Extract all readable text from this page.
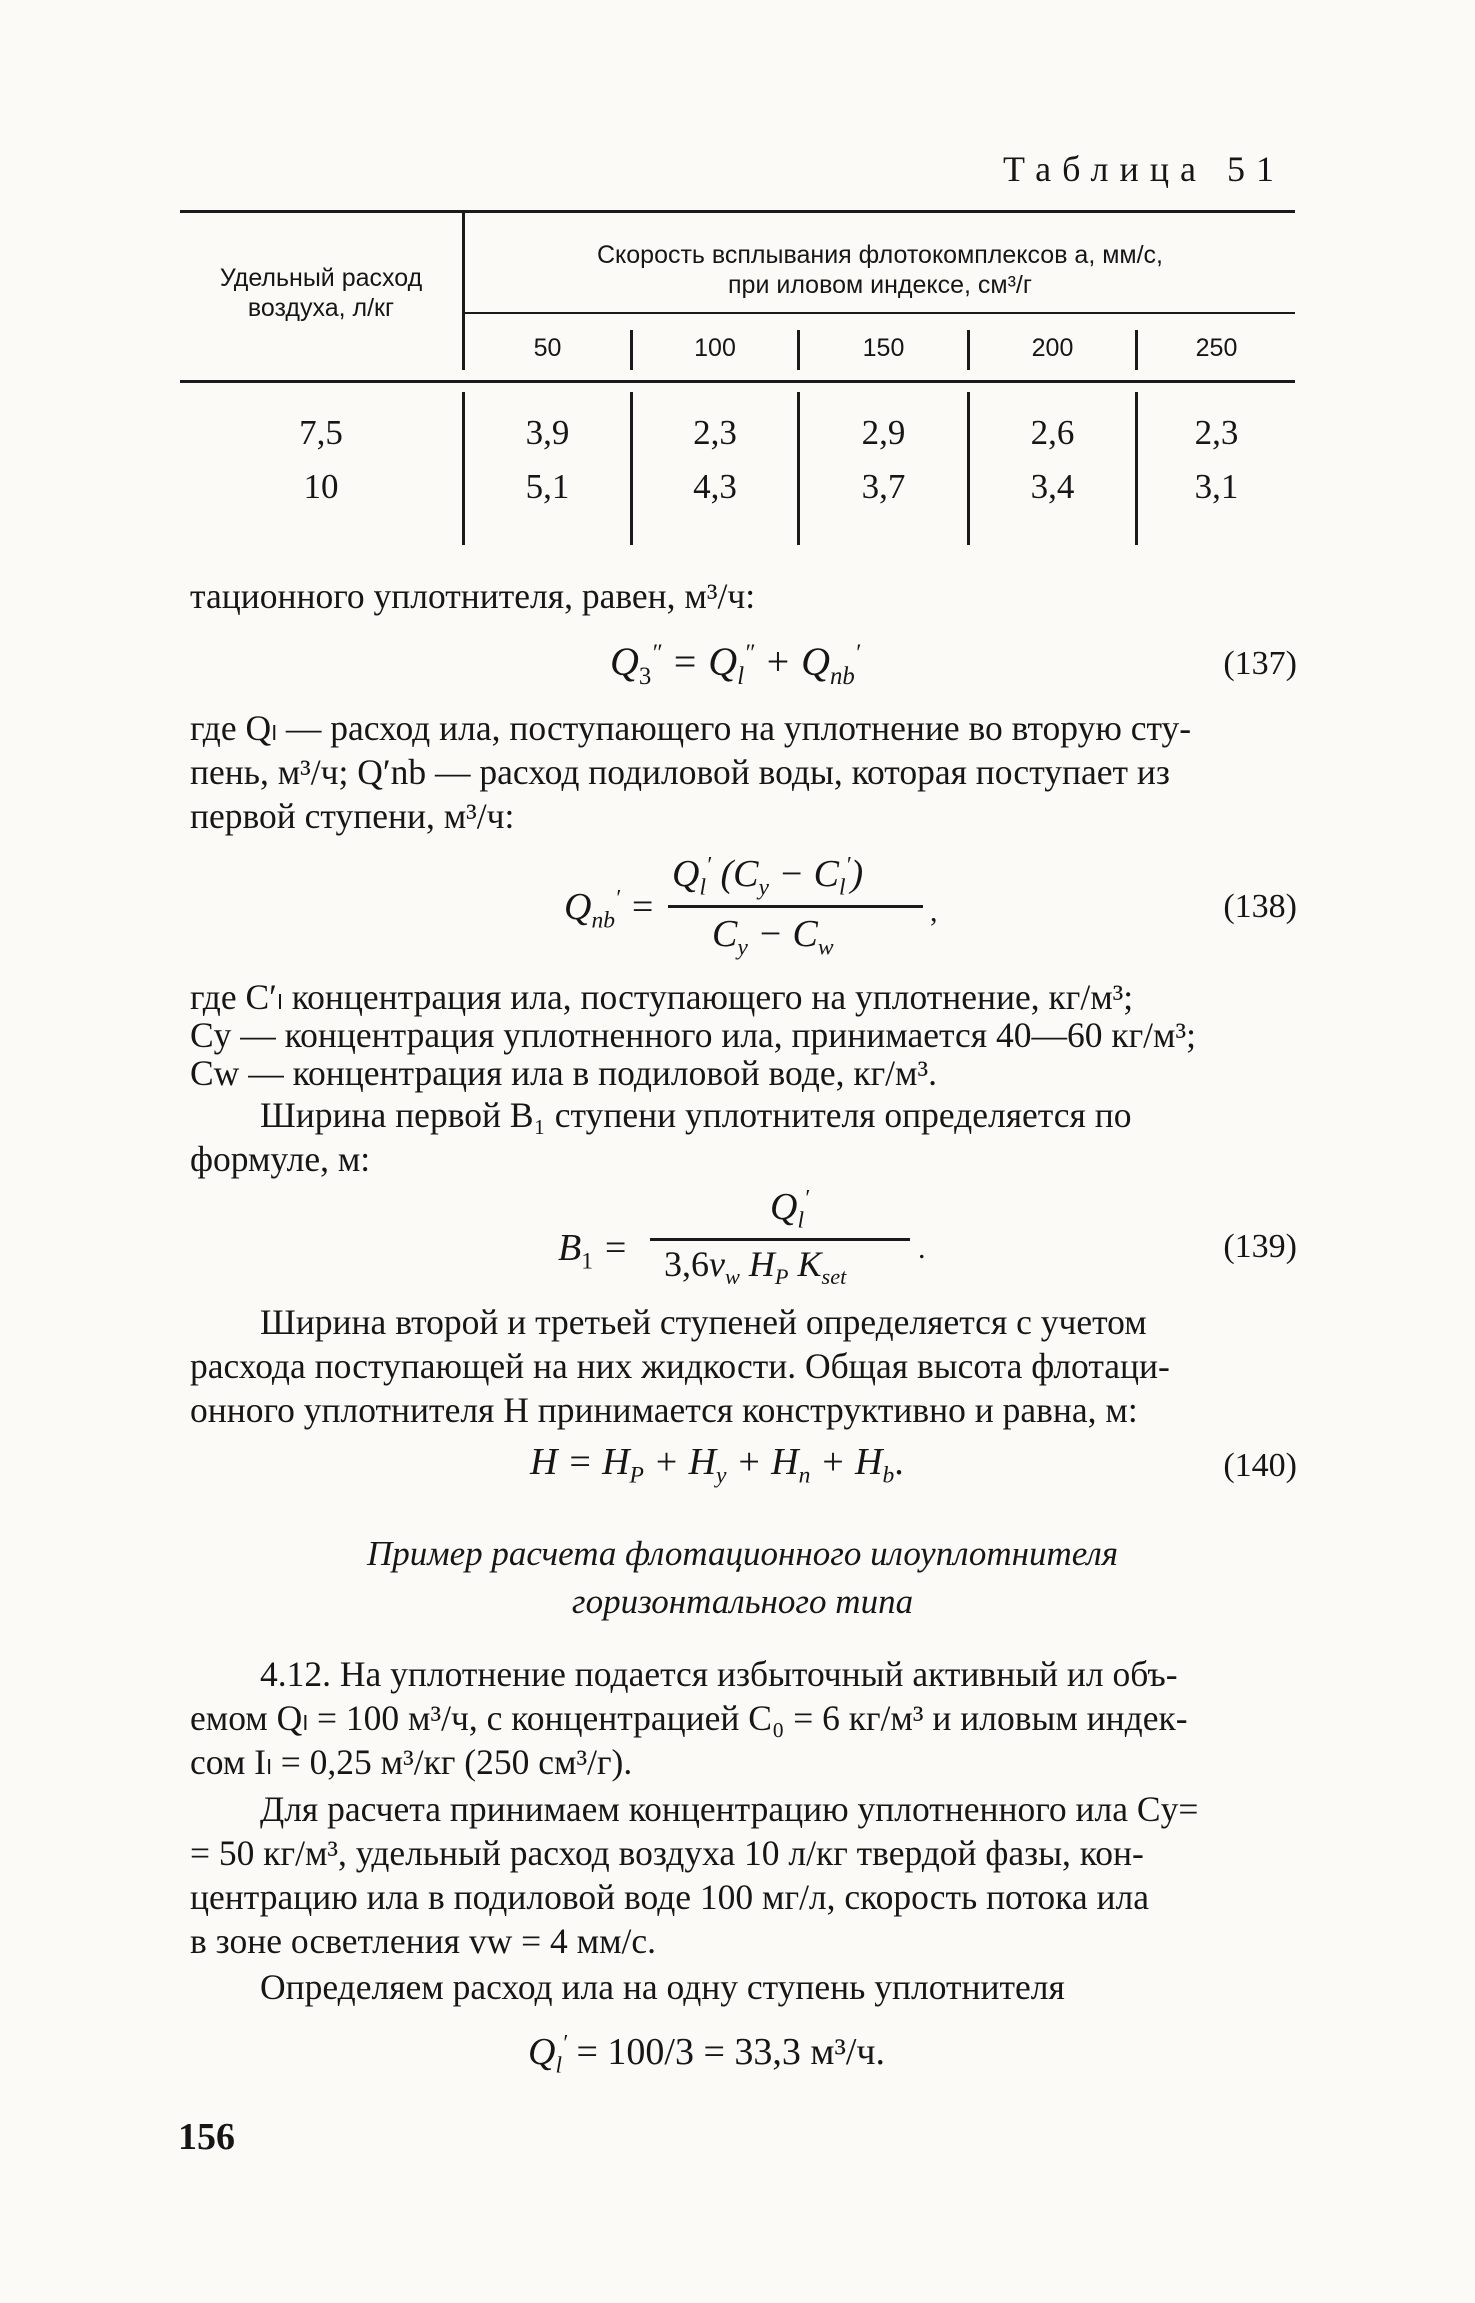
Таблица 51
Удельный расход воздуха, л/кг
Скорость всплывания флотокомплексов a, мм/с,
при иловом индексе, см³/г
50	100	150	200	250
7,5	3,9	2,3	2,9	2,6	2,3
10	5,1	4,3	3,7	3,4	3,1
тационного уплотнителя, равен, м³/ч:
$Q_3'' = Q_l'' + Q_{nb}'$	(137)
где Qₗ — расход ила, поступающего на уплотнение во вторую сту-
пень, м³/ч; Q′nb — расход подиловой воды, которая поступает из
первой ступени, м³/ч:
$Q_{nb}'$ =
$Q_l'$ $(C_y - C_l')$
$C_y - C_w$
,	(138)
где C′ₗ концентрация ила, поступающего на уплотнение, кг/м³;
Cy — концентрация уплотненного ила, принимается 40—60 кг/м³;
Cw — концентрация ила в подиловой воде, кг/м³.
Ширина первой B₁ ступени уплотнителя определяется по
формуле, м:
$B_1$ =
$Q_l'$
$3,6v_w$ $H_P$ $K_{set}$
.	(139)
Ширина второй и третьей ступеней определяется с учетом
расхода поступающей на них жидкости. Общая высота флотаци-
онного уплотнителя H принимается конструктивно и равна, м:
$H = H_P + H_y + H_n + H_b$.	(140)
Пример расчета флотационного илоуплотнителя
горизонтального типа
4.12. На уплотнение подается избыточный активный ил объ-
емом Qₗ = 100 м³/ч, с концентрацией C₀ = 6 кг/м³ и иловым индек-
сом Iₗ = 0,25 м³/кг (250 см³/г).
Для расчета принимаем концентрацию уплотненного ила Cy=
= 50 кг/м³, удельный расход воздуха 10 л/кг твердой фазы, кон-
центрацию ила в подиловой воде 100 мг/л, скорость потока ила
в зоне осветления vw = 4 мм/с.
Определяем расход ила на одну ступень уплотнителя
$Q_l' = 100/3 = 33,3$ м³/ч.
156
